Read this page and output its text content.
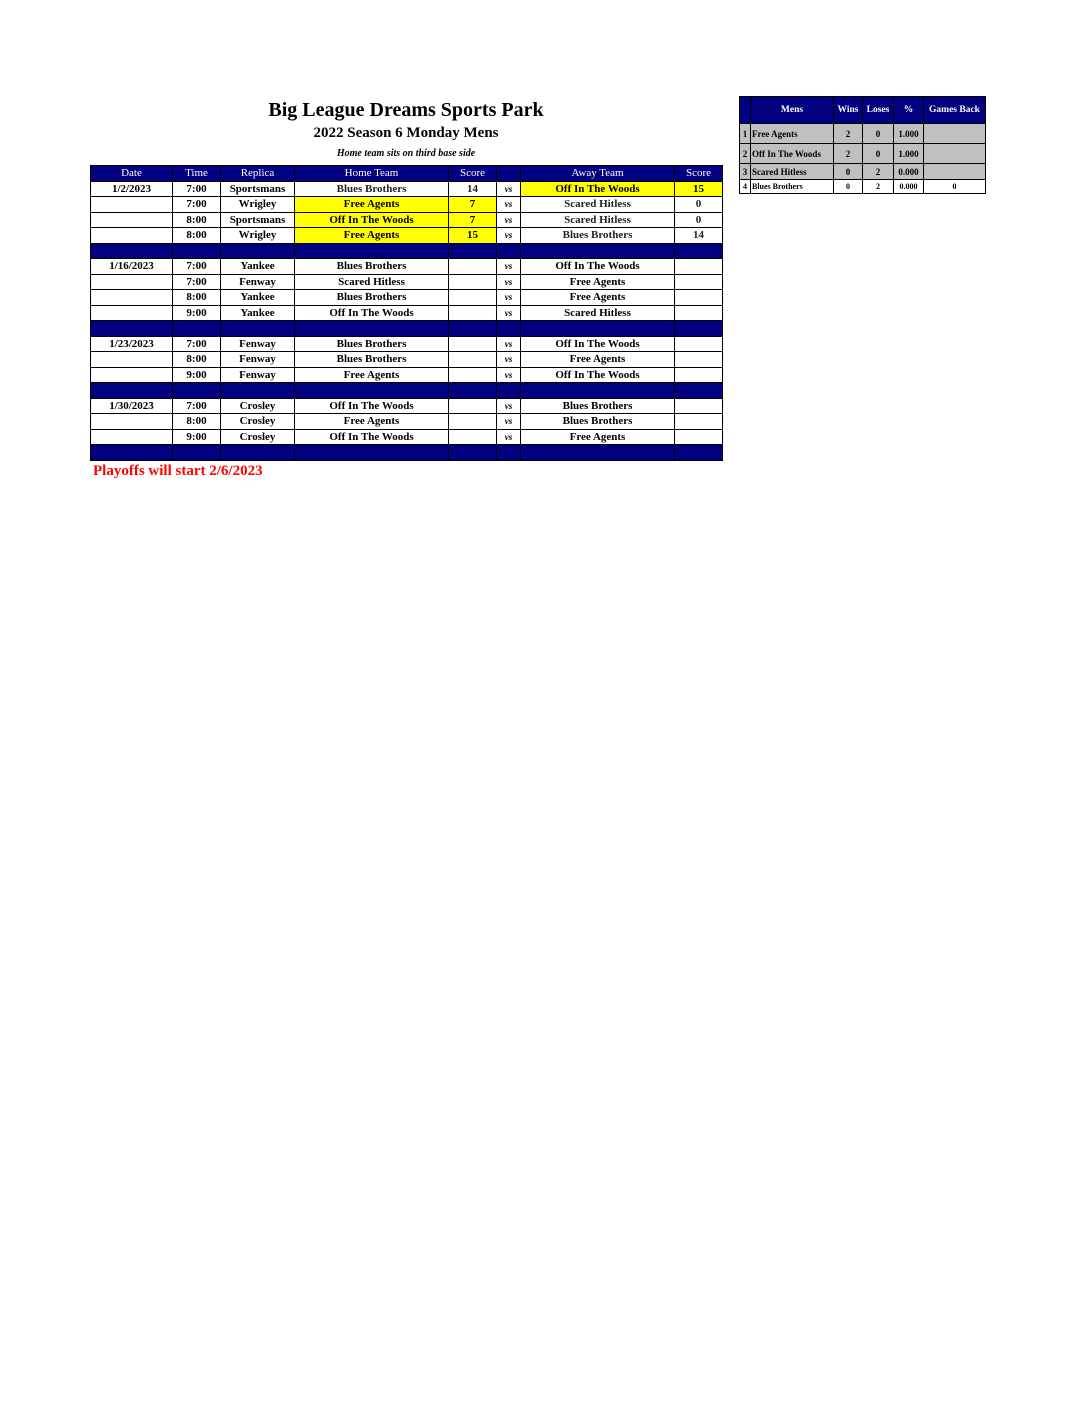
Big League Dreams Sports Park
2022 Season 6 Monday Mens
Home team sits on third base side
Date	Time	Replica	Home Team	Score		Away Team	Score
1/2/2023	7:00	Sportsmans	Blues Brothers	14	vs	Off In The Woods	15
	7:00	Wrigley	Free Agents	7	vs	Scared Hitless	0
	8:00	Sportsmans	Off In The Woods	7	vs	Scared Hitless	0
	8:00	Wrigley	Free Agents	15	vs	Blues Brothers	14

1/16/2023	7:00	Yankee	Blues Brothers		vs	Off In The Woods	
	7:00	Fenway	Scared Hitless		vs	Free Agents	
	8:00	Yankee	Blues Brothers		vs	Free Agents	
	9:00	Yankee	Off In The Woods		vs	Scared Hitless	

1/23/2023	7:00	Fenway	Blues Brothers		vs	Off In The Woods	
	8:00	Fenway	Blues Brothers		vs	Free Agents	
	9:00	Fenway	Free Agents		vs	Off In The Woods	

1/30/2023	7:00	Crosley	Off In The Woods		vs	Blues Brothers	
	8:00	Crosley	Free Agents		vs	Blues Brothers	
	9:00	Crosley	Off In The Woods		vs	Free Agents	

Playoffs will start 2/6/2023
	Mens	Wins	Loses	%	Games Back
1	Free Agents	2	0	1.000	
2	Off In The Woods	2	0	1.000	
3	Scared Hitless	0	2	0.000	
4	Blues Brothers	0	2	0.000	0
